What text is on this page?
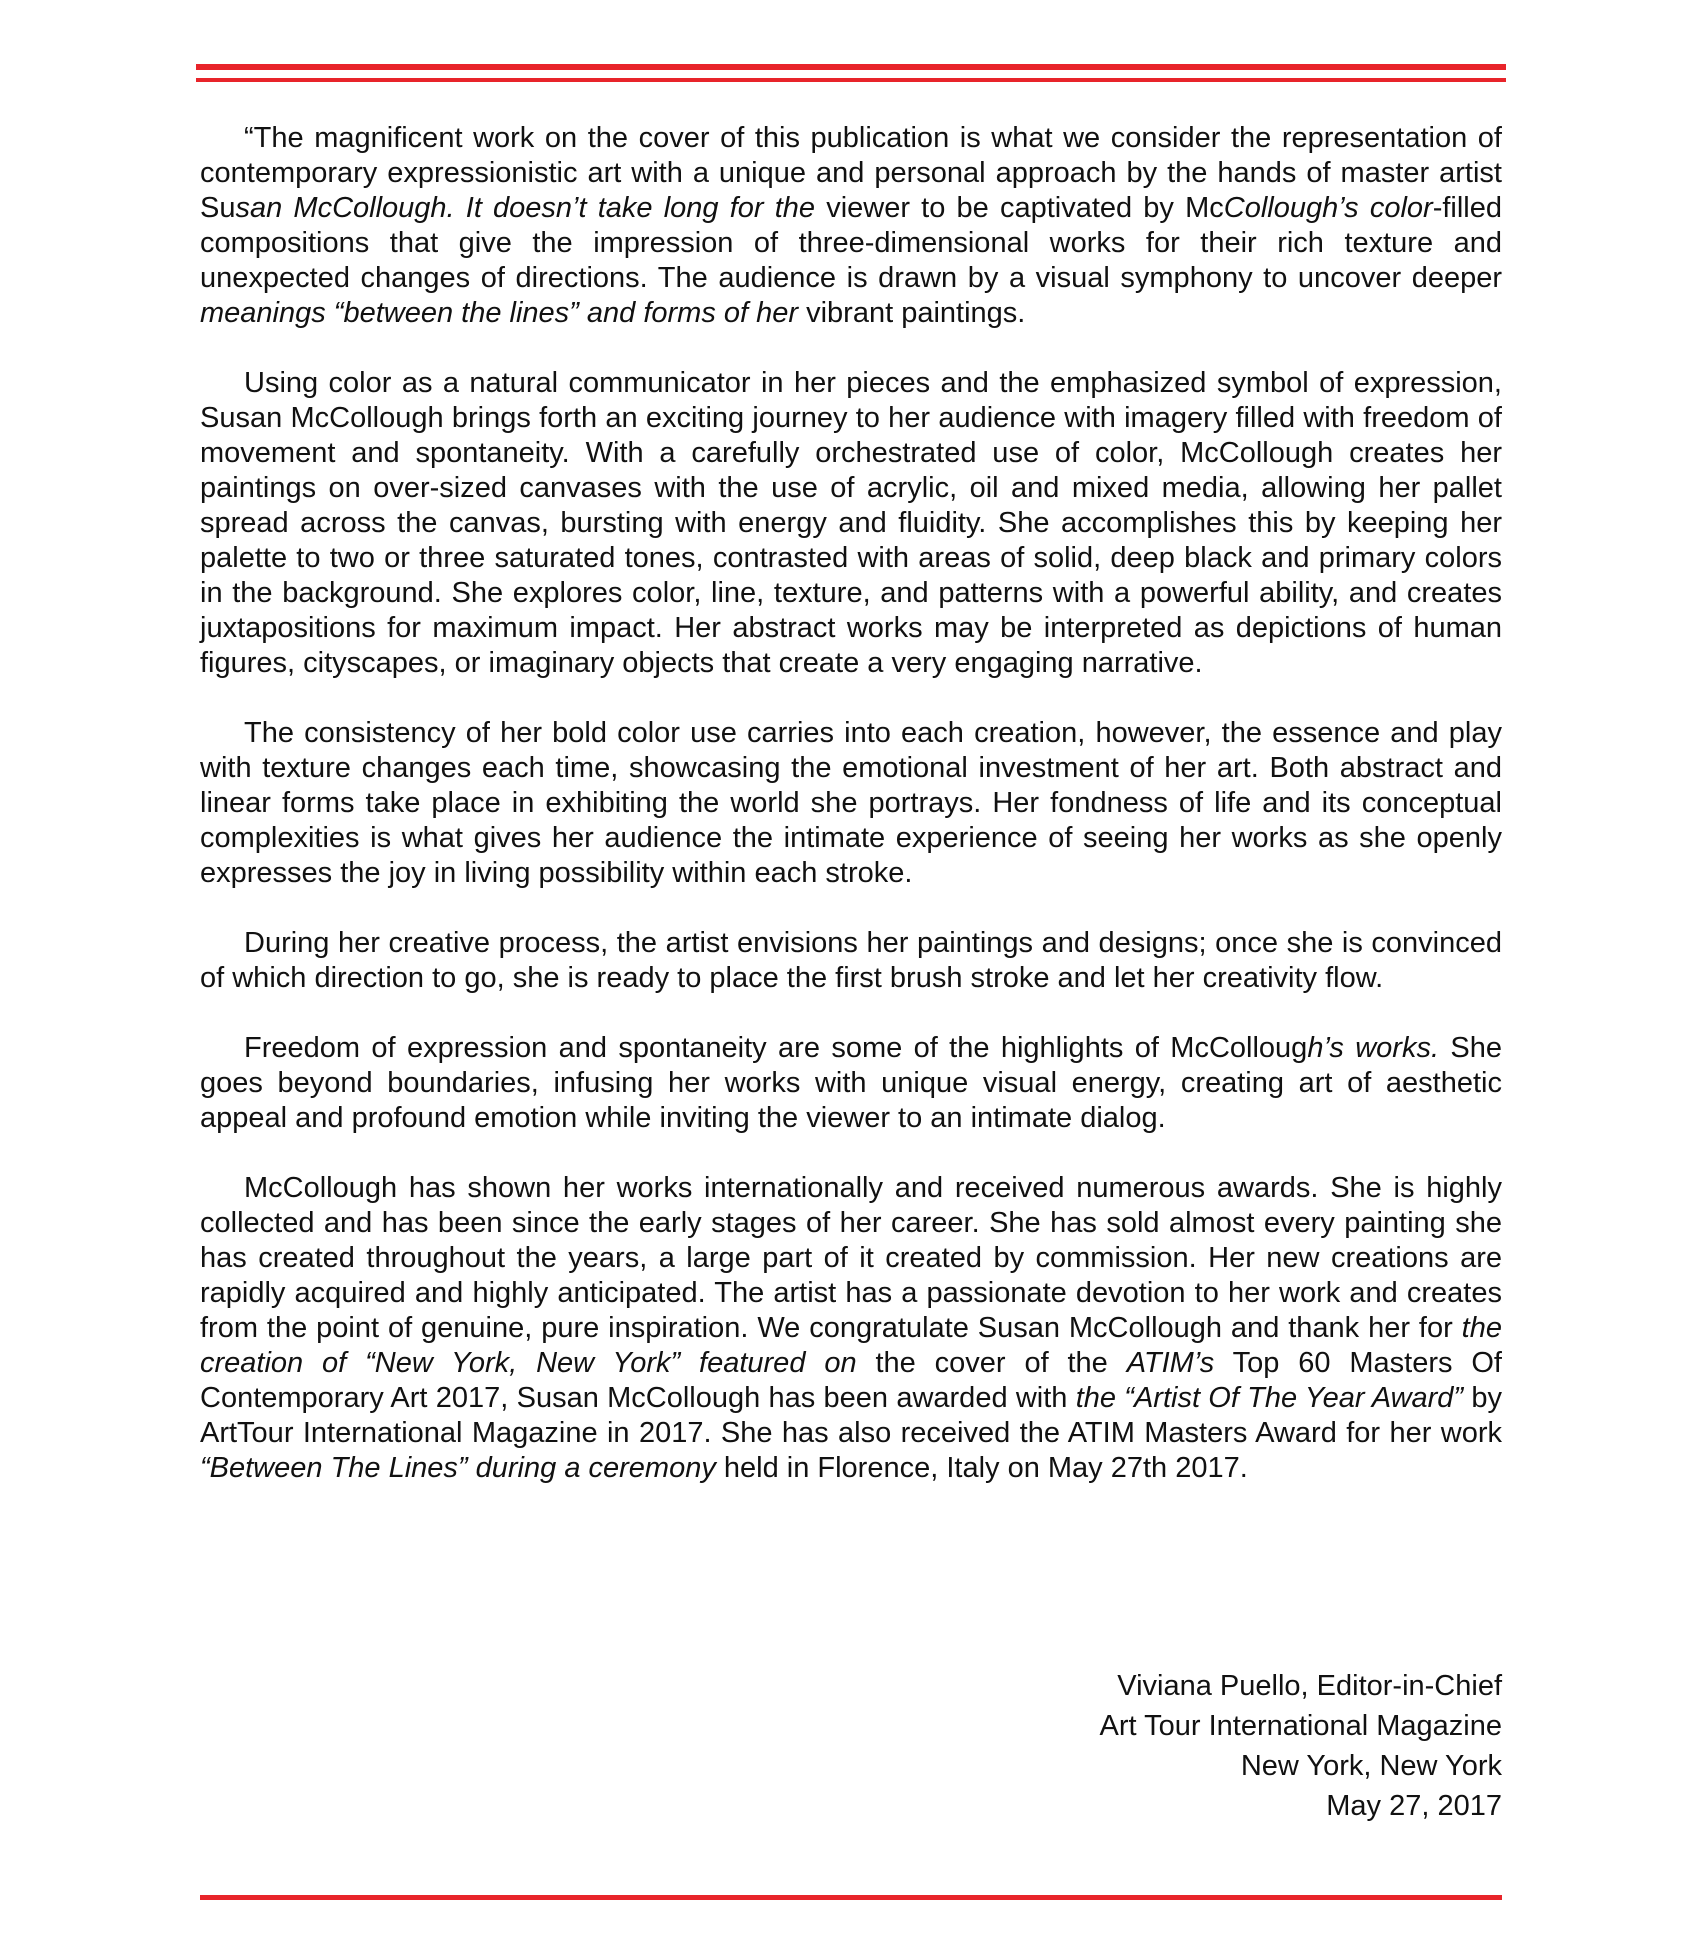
“The magnificent work on the cover of this publication is what we consider the representation of contemporary expressionistic art with a unique and personal approach by the hands of master artist Susan McCollough. It doesn’t take long for the viewer to be captivated by McCollough’s color-filled compositions that give the impression of three-dimensional works for their rich texture and unexpected changes of directions. The audience is drawn by a visual symphony to uncover deeper meanings “between the lines” and forms of her vibrant paintings.

Using color as a natural communicator in her pieces and the emphasized symbol of expression, Susan McCollough brings forth an exciting journey to her audience with imagery filled with freedom of movement and spontaneity. With a carefully orchestrated use of color, McCollough creates her paintings on over-sized canvases with the use of acrylic, oil and mixed media, allowing her pallet spread across the canvas, bursting with energy and fluidity. She accomplishes this by keeping her palette to two or three saturated tones, contrasted with areas of solid, deep black and primary colors in the background. She explores color, line, texture, and patterns with a powerful ability, and creates juxtapositions for maximum impact. Her abstract works may be interpreted as depictions of human figures, cityscapes, or imaginary objects that create a very engaging narrative.

The consistency of her bold color use carries into each creation, however, the essence and play with texture changes each time, showcasing the emotional investment of her art. Both abstract and linear forms take place in exhibiting the world she portrays. Her fondness of life and its conceptual complexities is what gives her audience the intimate experience of seeing her works as she openly expresses the joy in living possibility within each stroke.

During her creative process, the artist envisions her paintings and designs; once she is convinced of which direction to go, she is ready to place the first brush stroke and let her creativity flow.

Freedom of expression and spontaneity are some of the highlights of McCollough’s works. She goes beyond boundaries, infusing her works with unique visual energy, creating art of aesthetic appeal and profound emotion while inviting the viewer to an intimate dialog.

McCollough has shown her works internationally and received numerous awards. She is highly collected and has been since the early stages of her career. She has sold almost every painting she has created throughout the years, a large part of it created by commission. Her new creations are rapidly acquired and highly anticipated. The artist has a passionate devotion to her work and creates from the point of genuine, pure inspiration. We congratulate Susan McCollough and thank her for the creation of “New York, New York” featured on the cover of the ATIM’s Top 60 Masters Of Contemporary Art 2017, Susan McCollough has been awarded with the “Artist Of The Year Award” by ArtTour International Magazine in 2017. She has also received the ATIM Masters Award for her work “Between The Lines” during a ceremony held in Florence, Italy on May 27th 2017.

Viviana Puello, Editor-in-Chief
Art Tour International Magazine
New York, New York
May 27, 2017
